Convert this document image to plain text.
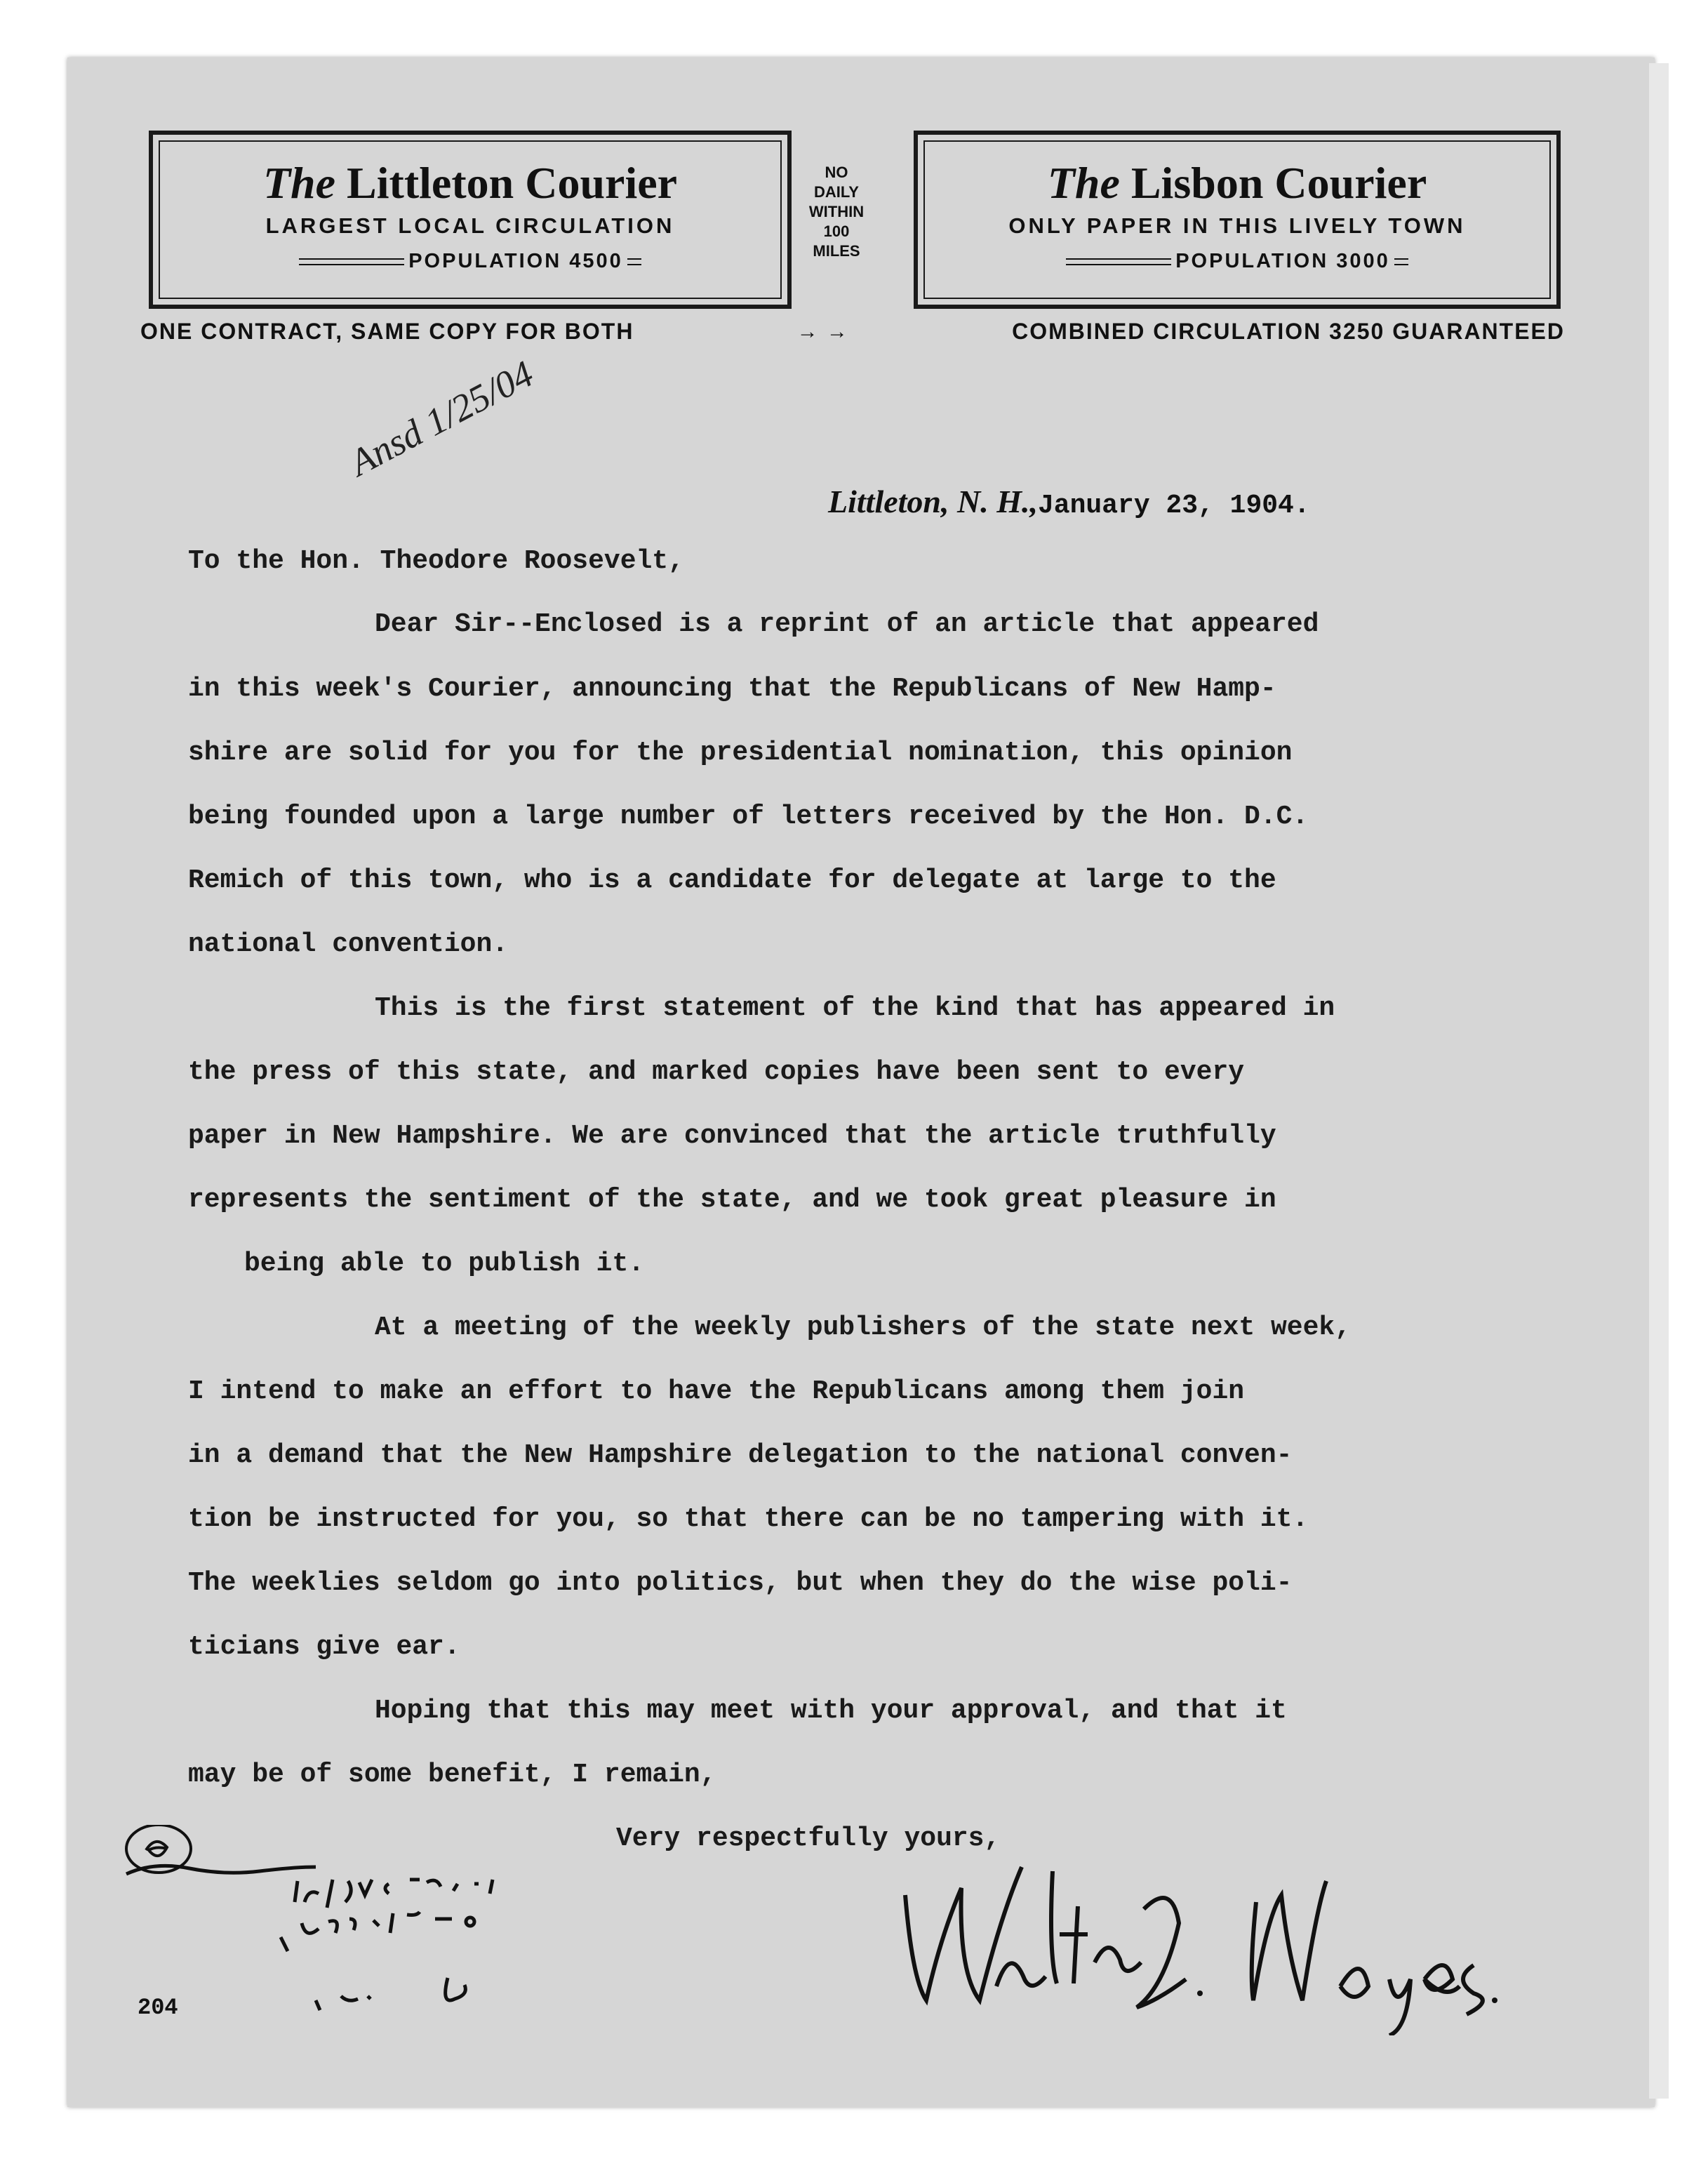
The Littleton Courier
LARGEST LOCAL CIRCULATION
POPULATION 4500
NO
DAILY
WITHIN
100
MILES
The Lisbon Courier
ONLY PAPER IN THIS LIVELY TOWN
POPULATION 3000
ONE CONTRACT, SAME COPY FOR BOTH	→ →	COMBINED CIRCULATION 3250 GUARANTEED
Ansd 1/25/04
Littleton, N. H.,January 23, 1904.
To the Hon. Theodore Roosevelt,
Dear Sir--Enclosed is a reprint of an article that appeared
in this week's Courier, announcing that the Republicans of New Hamp-
shire are solid for you for the presidential nomination, this opinion
being founded upon a large number of letters received by the Hon. D.C.
Remich of this town, who is a candidate for delegate at large to the
national convention.
This is the first statement of the kind that has appeared in
the press of this state, and marked copies have been sent to every
paper in New Hampshire. We are convinced that the article truthfully
represents the sentiment of the state, and we took great pleasure in
being able to publish it.
At a meeting of the weekly publishers of the state next week,
I intend to make an effort to have the Republicans among them join
in a demand that the New Hampshire delegation to the national conven-
tion be instructed for you, so that there can be no tampering with it.
The weeklies seldom go into politics, but when they do the wise poli-
ticians give ear.
Hoping that this may meet with your approval, and that it
may be of some benefit, I remain,
Very respectfully yours,
204
